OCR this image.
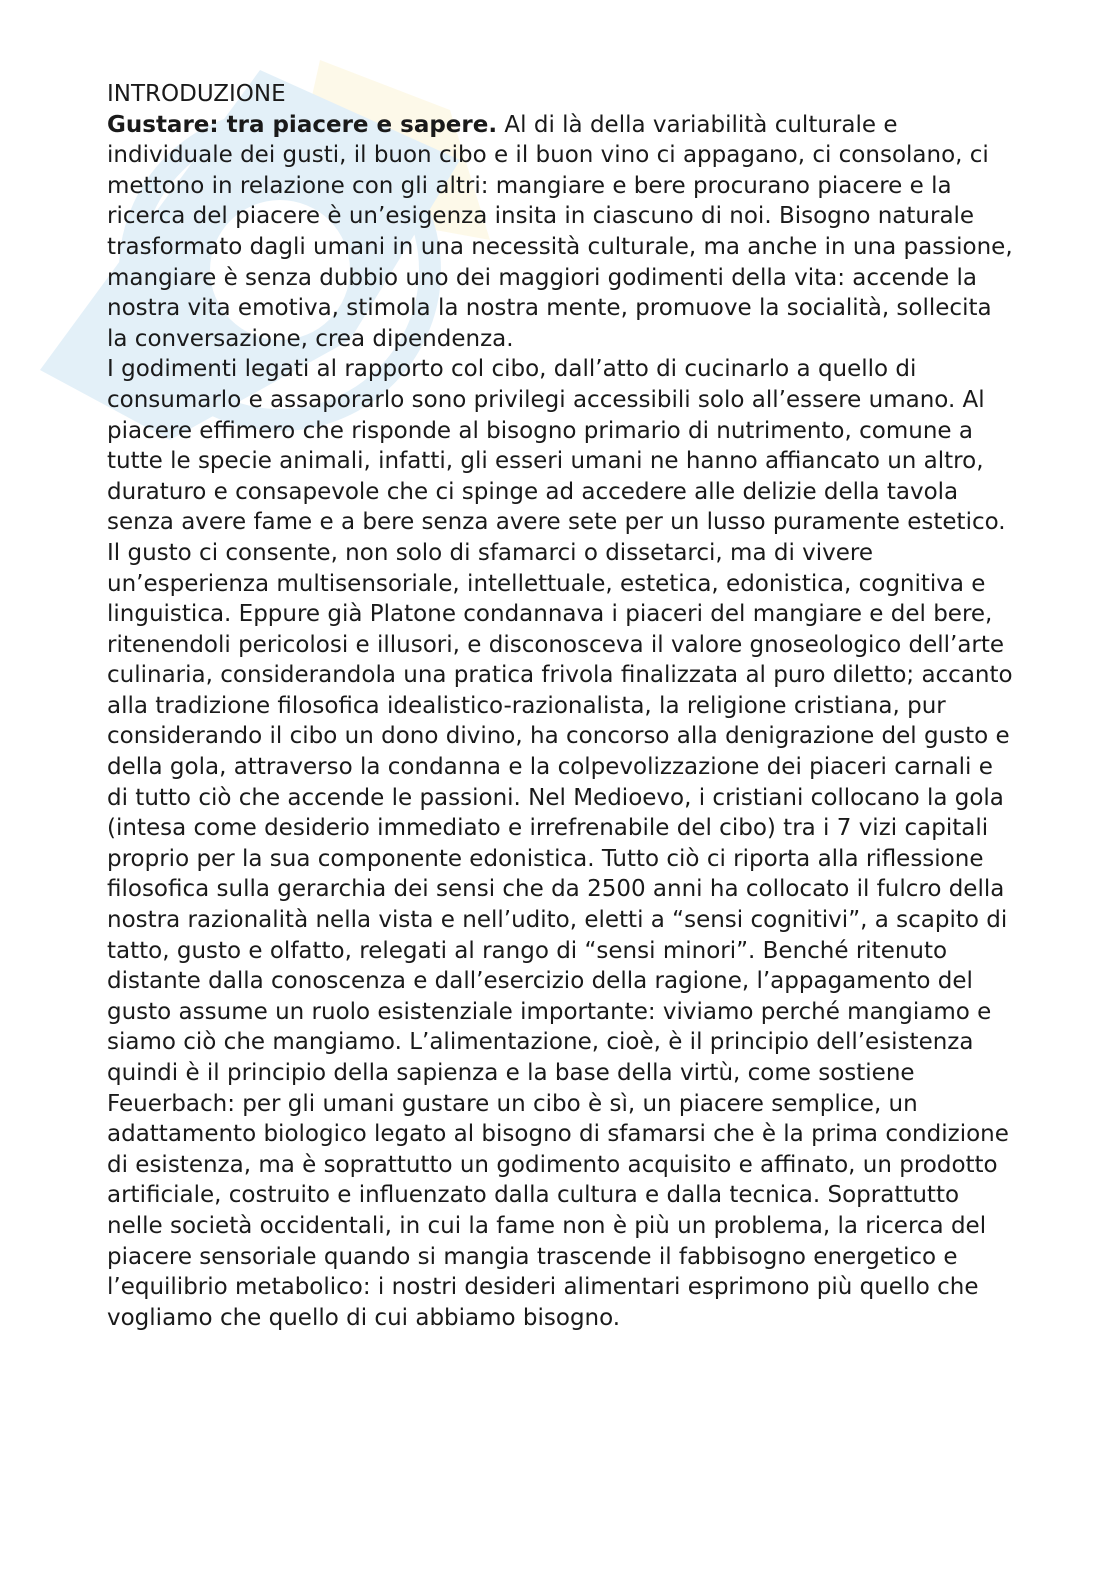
INTRODUZIONE

Gustare: tra piacere e sapere. Al di là della variabilità culturale e individuale dei gusti, il buon cibo e il buon vino ci appagano, ci consolano, ci mettono in relazione con gli altri: mangiare e bere procurano piacere e la ricerca del piacere è un’esigenza insita in ciascuno di noi. Bisogno naturale trasformato dagli umani in una necessità culturale, ma anche in una passione, mangiare è senza dubbio uno dei maggiori godimenti della vita: accende la nostra vita emotiva, stimola la nostra mente, promuove la socialità, sollecita la conversazione, crea dipendenza.

I godimenti legati al rapporto col cibo, dall’atto di cucinarlo a quello di consumarlo e assaporarlo sono privilegi accessibili solo all’essere umano. Al piacere effimero che risponde al bisogno primario di nutrimento, comune a tutte le specie animali, infatti, gli esseri umani ne hanno affiancato un altro, duraturo e consapevole che ci spinge ad accedere alle delizie della tavola senza avere fame e a bere senza avere sete per un lusso puramente estetico. Il gusto ci consente, non solo di sfamarci o dissetarci, ma di vivere un’esperienza multisensoriale, intellettuale, estetica, edonistica, cognitiva e linguistica. Eppure già Platone condannava i piaceri del mangiare e del bere, ritenendoli pericolosi e illusori, e disconosceva il valore gnoseologico dell’arte culinaria, considerandola una pratica frivola finalizzata al puro diletto; accanto alla tradizione filosofica idealistico-razionalista, la religione cristiana, pur considerando il cibo un dono divino, ha concorso alla denigrazione del gusto e della gola, attraverso la condanna e la colpevolizzazione dei piaceri carnali e di tutto ciò che accende le passioni. Nel Medioevo, i cristiani collocano la gola (intesa come desiderio immediato e irrefrenabile del cibo) tra i 7 vizi capitali proprio per la sua componente edonistica. Tutto ciò ci riporta alla riflessione filosofica sulla gerarchia dei sensi che da 2500 anni ha collocato il fulcro della nostra razionalità nella vista e nell’udito, eletti a “sensi cognitivi”, a scapito di tatto, gusto e olfatto, relegati al rango di “sensi minori”. Benché ritenuto distante dalla conoscenza e dall’esercizio della ragione, l’appagamento del gusto assume un ruolo esistenziale importante: viviamo perché mangiamo e siamo ciò che mangiamo. L’alimentazione, cioè, è il principio dell’esistenza quindi è il principio della sapienza e la base della virtù, come sostiene Feuerbach: per gli umani gustare un cibo è sì, un piacere semplice, un adattamento biologico legato al bisogno di sfamarsi che è la prima condizione di esistenza, ma è soprattutto un godimento acquisito e affinato, un prodotto artificiale, costruito e influenzato dalla cultura e dalla tecnica. Soprattutto nelle società occidentali, in cui la fame non è più un problema, la ricerca del piacere sensoriale quando si mangia trascende il fabbisogno energetico e l’equilibrio metabolico: i nostri desideri alimentari esprimono più quello che vogliamo che quello di cui abbiamo bisogno.
